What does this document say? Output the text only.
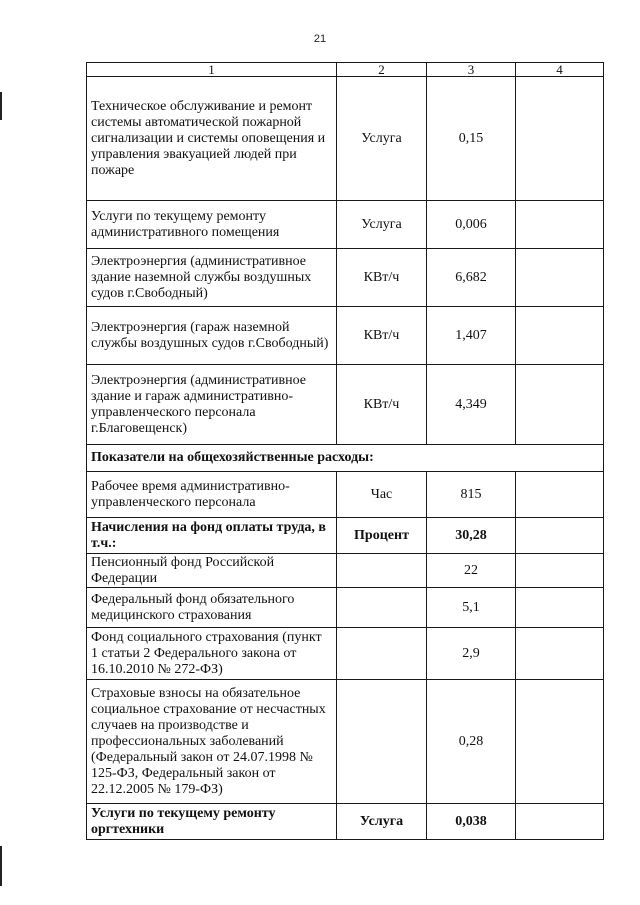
21
1	2	3	4
Техническое обслуживание и ремонт системы автоматической пожарной сигнализации и системы оповещения и управления эвакуацией людей при пожаре	Услуга	0,15	
Услуги по текущему ремонту административного помещения	Услуга	0,006	
Электроэнергия (административное здание наземной службы воздушных судов г.Свободный)	КВт/ч	6,682	
Электроэнергия (гараж наземной службы воздушных судов г.Свободный)	КВт/ч	1,407	
Электроэнергия (административное здание и гараж административно-управленческого персонала г.Благовещенск)	КВт/ч	4,349	
Показатели на общехозяйственные расходы:			
Рабочее время административно-управленческого персонала	Час	815	
Начисления на фонд оплаты труда, в т.ч.:	Процент	30,28	
Пенсионный фонд Российской Федерации		22	
Федеральный фонд обязательного медицинского страхования		5,1	
Фонд социального страхования (пункт 1 статьи 2 Федерального закона от 16.10.2010 № 272-ФЗ)		2,9	
Страховые взносы на обязательное социальное страхование от несчастных случаев на производстве и профессиональных заболеваний (Федеральный закон от 24.07.1998 № 125-ФЗ, Федеральный закон от 22.12.2005 № 179-ФЗ)		0,28	
Услуги по текущему ремонту оргтехники	Услуга	0,038	
